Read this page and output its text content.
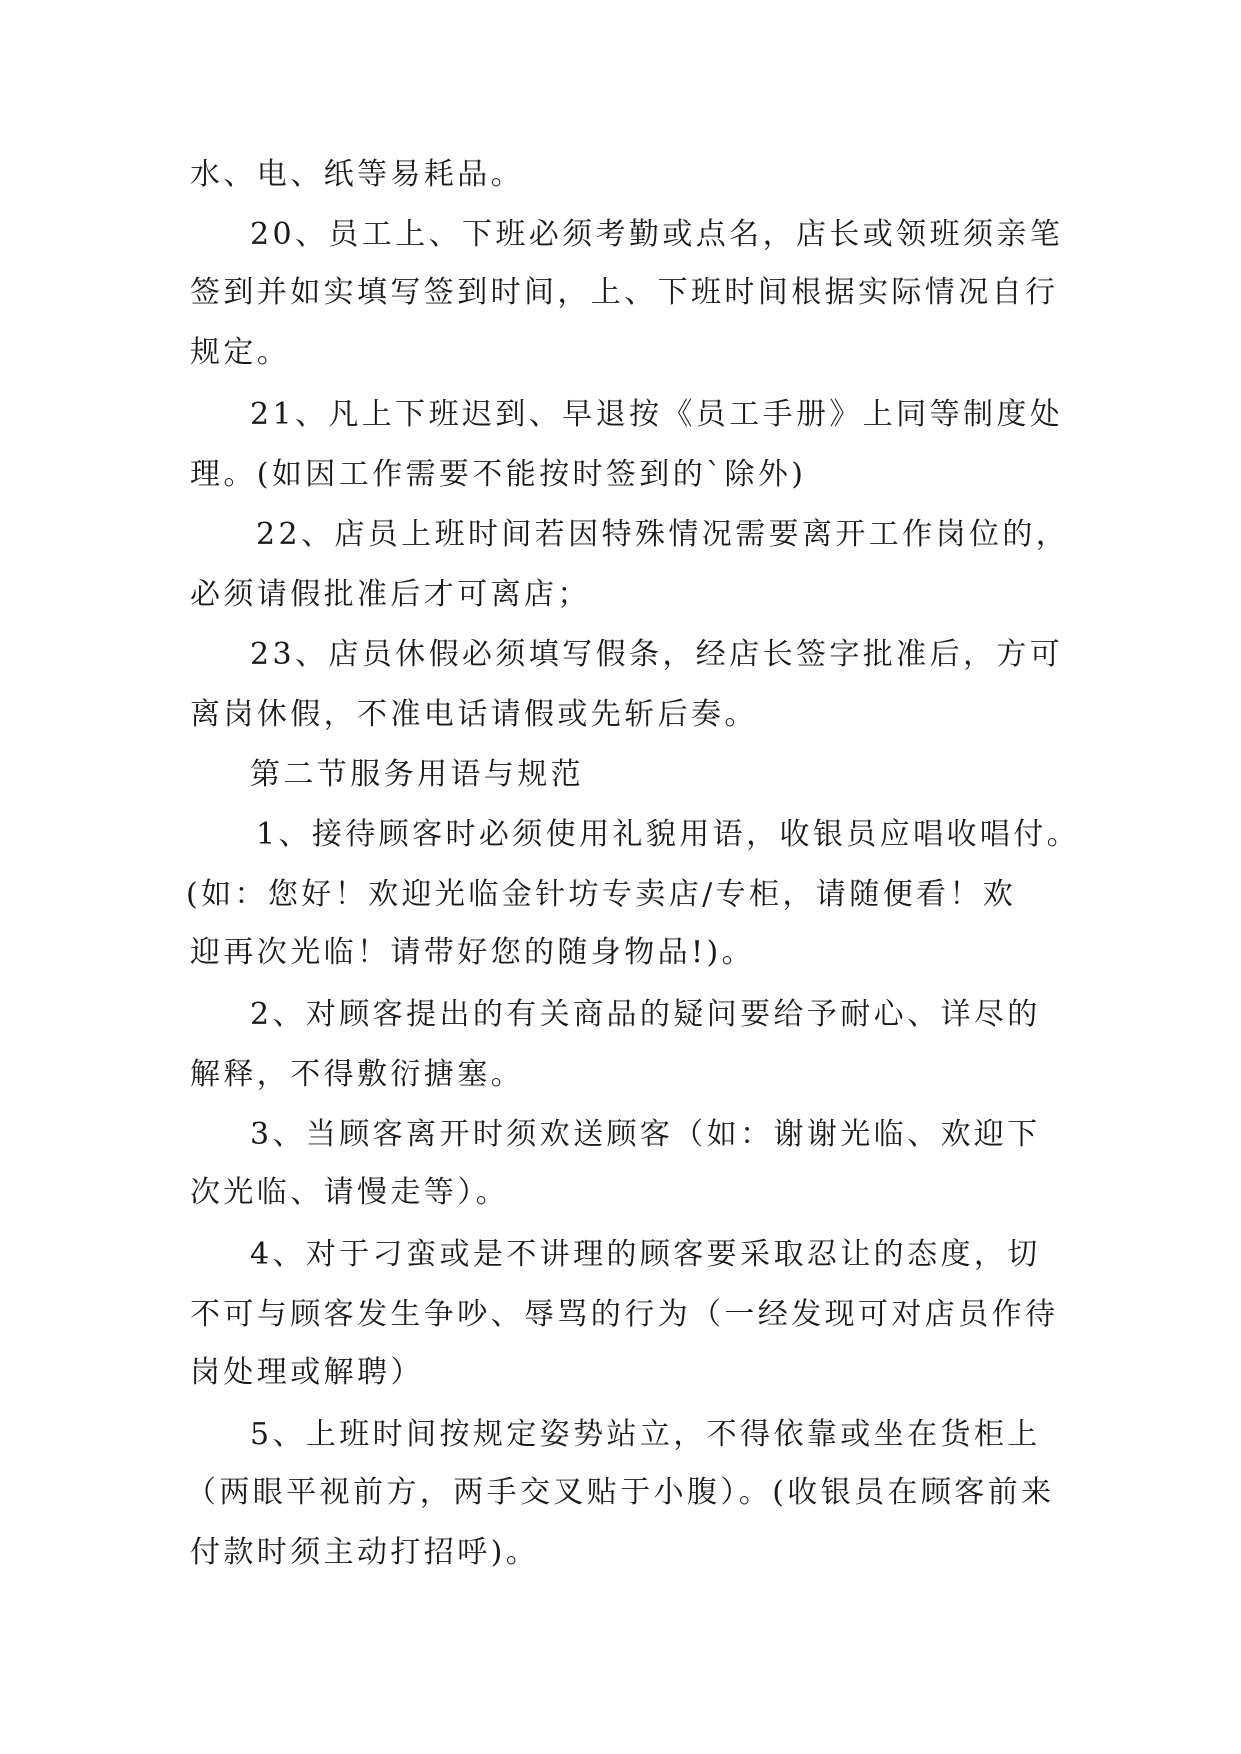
水、电、纸等易耗品。
20、员工上、下班必须考勤或点名，店长或领班须亲笔
签到并如实填写签到时间，上、下班时间根据实际情况自行
规定。
21、凡上下班迟到、早退按《员工手册》上同等制度处
理。(如因工作需要不能按时签到的`除外)
22、店员上班时间若因特殊情况需要离开工作岗位的，
必须请假批准后才可离店；
23、店员休假必须填写假条，经店长签字批准后，方可
离岗休假，不准电话请假或先斩后奏。
第二节服务用语与规范
1、接待顾客时必须使用礼貌用语，收银员应唱收唱付。
(如：您好！欢迎光临金针坊专卖店/专柜，请随便看！欢
迎再次光临！请带好您的随身物品!)。
2、对顾客提出的有关商品的疑问要给予耐心、详尽的
解释，不得敷衍搪塞。
3、当顾客离开时须欢送顾客（如：谢谢光临、欢迎下
次光临、请慢走等）。
4、对于刁蛮或是不讲理的顾客要采取忍让的态度，切
不可与顾客发生争吵、辱骂的行为（一经发现可对店员作待
岗处理或解聘）
5、上班时间按规定姿势站立，不得依靠或坐在货柜上
（两眼平视前方，两手交叉贴于小腹）。(收银员在顾客前来
付款时须主动打招呼)。
